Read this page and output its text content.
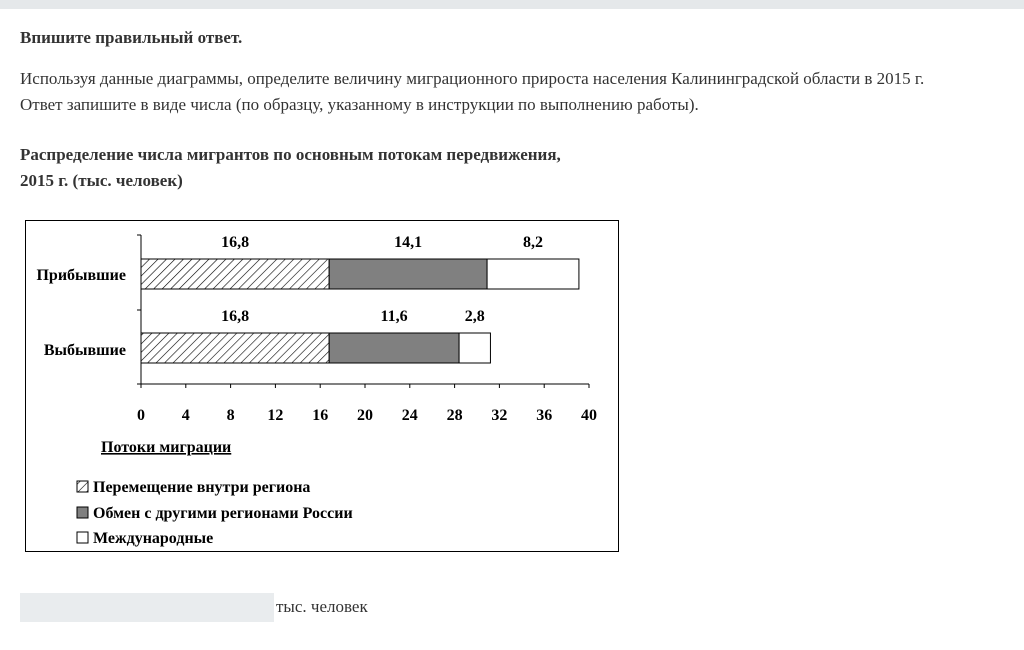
Впишите правильный ответ.
Используя данные диаграммы, определите величину миграционного прироста населения Калининградской области в 2015 г.
Ответ запишите в виде числа (по образцу, указанному в инструкции по выполнению работы).
Распределение числа мигрантов по основным потокам передвижения,
2015 г. (тыс. человек)
0 4 8 12 16 20 24 28 32 36 40
16,8	14,1	8,2
Прибывшие
16,8	11,6	2,8
Выбывшие
Потоки миграции
Перемещение внутри региона
Обмен с другими регионами России
Международные
тыс. человек
